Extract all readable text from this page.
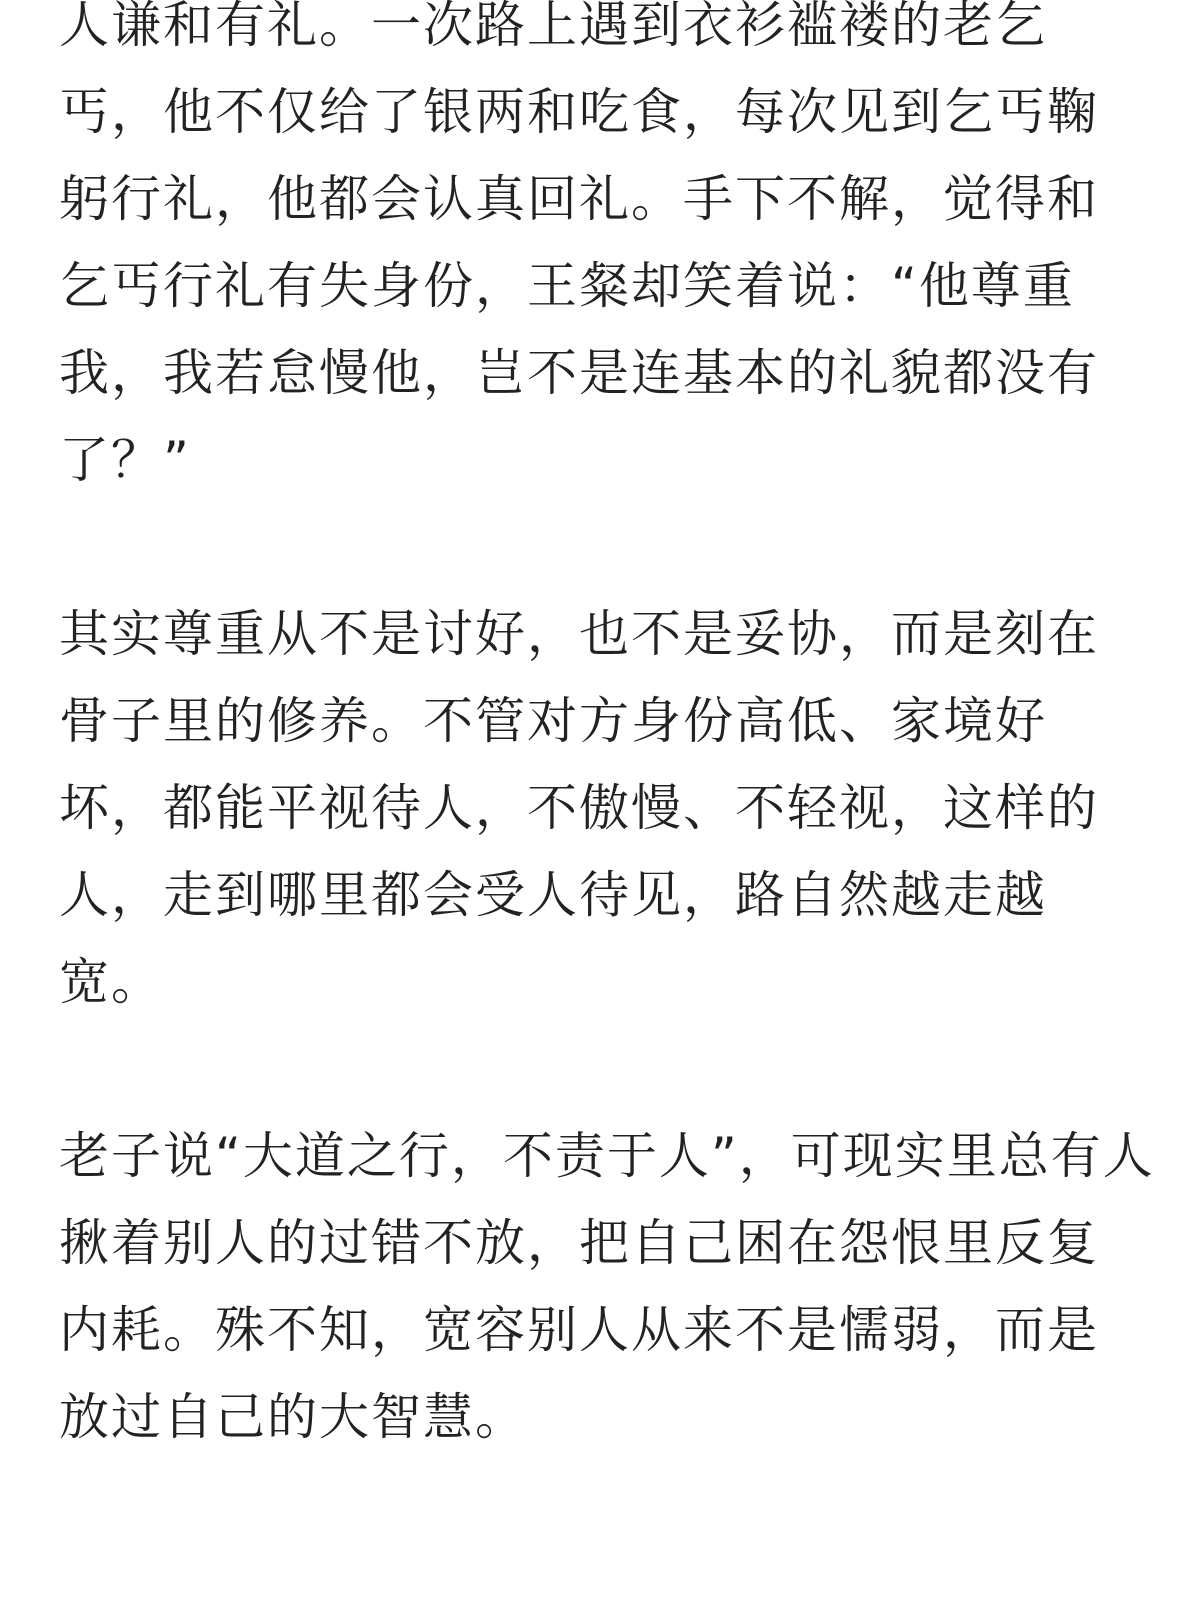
人谦和有礼。一次路上遇到衣衫褴褛的老乞
丐，他不仅给了银两和吃食，每次见到乞丐鞠
躬行礼，他都会认真回礼。手下不解，觉得和
乞丐行礼有失身份，王粲却笑着说：“他尊重
我，我若怠慢他，岂不是连基本的礼貌都没有
了？”
其实尊重从不是讨好，也不是妥协，而是刻在
骨子里的修养。不管对方身份高低、家境好
坏，都能平视待人，不傲慢、不轻视，这样的
人，走到哪里都会受人待见，路自然越走越
宽。
老子说“大道之行，不责于人”，可现实里总有人
揪着别人的过错不放，把自己困在怨恨里反复
内耗。殊不知，宽容别人从来不是懦弱，而是
放过自己的大智慧。
